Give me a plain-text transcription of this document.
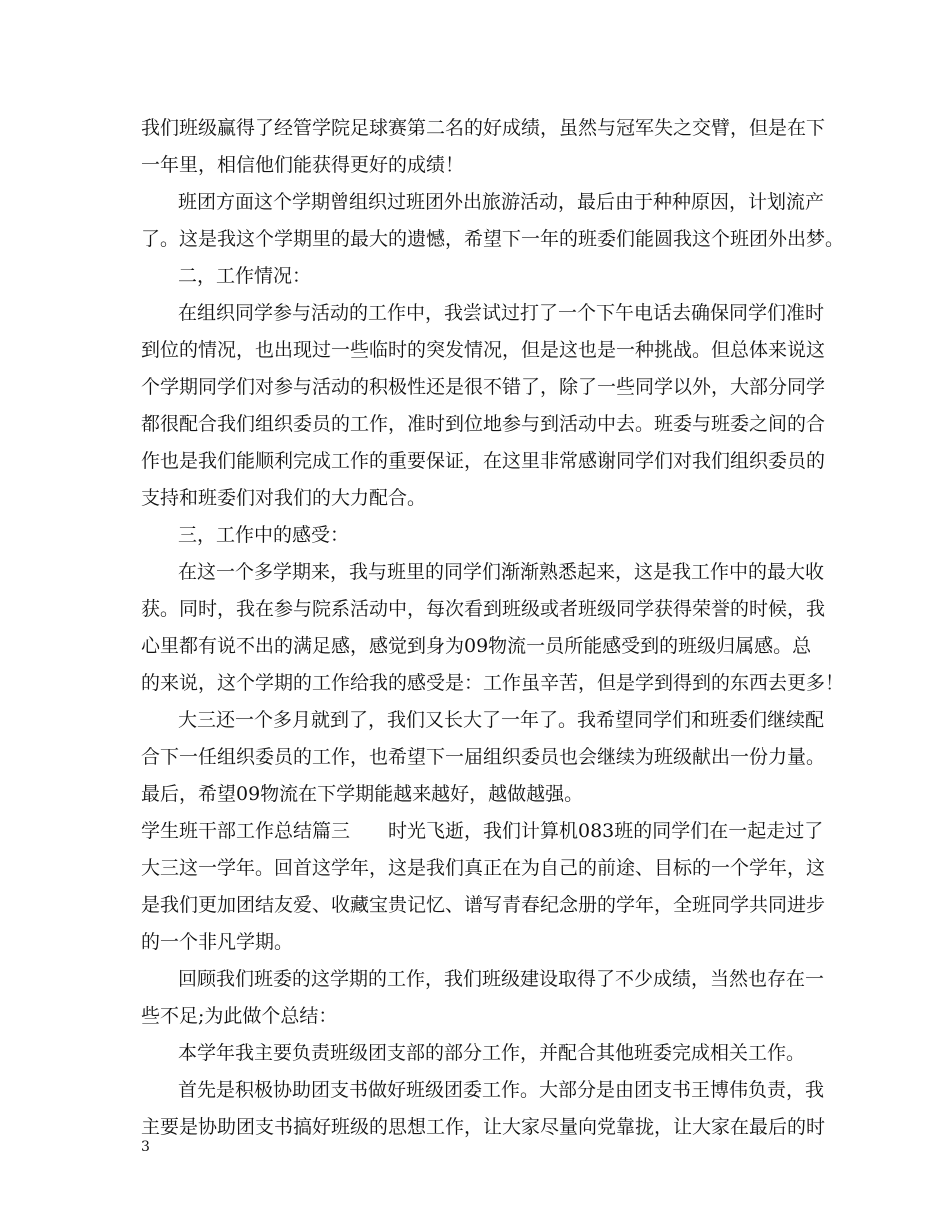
我们班级赢得了经管学院足球赛第二名的好成绩，虽然与冠军失之交臂，但是在下
一年里，相信他们能获得更好的成绩！
班团方面这个学期曾组织过班团外出旅游活动，最后由于种种原因，计划流产
了。这是我这个学期里的最大的遗憾，希望下一年的班委们能圆我这个班团外出梦。
二，工作情况：
在组织同学参与活动的工作中，我尝试过打了一个下午电话去确保同学们准时
到位的情况，也出现过一些临时的突发情况，但是这也是一种挑战。但总体来说这
个学期同学们对参与活动的积极性还是很不错了，除了一些同学以外，大部分同学
都很配合我们组织委员的工作，准时到位地参与到活动中去。班委与班委之间的合
作也是我们能顺利完成工作的重要保证，在这里非常感谢同学们对我们组织委员的
支持和班委们对我们的大力配合。
三，工作中的感受：
在这一个多学期来，我与班里的同学们渐渐熟悉起来，这是我工作中的最大收
获。同时，我在参与院系活动中，每次看到班级或者班级同学获得荣誉的时候，我
心里都有说不出的满足感，感觉到身为09物流一员所能感受到的班级归属感。总
的来说，这个学期的工作给我的感受是：工作虽辛苦，但是学到得到的东西去更多！
大三还一个多月就到了，我们又长大了一年了。我希望同学们和班委们继续配
合下一任组织委员的工作，也希望下一届组织委员也会继续为班级献出一份力量。
最后，希望09物流在下学期能越来越好，越做越强。
学生班干部工作总结篇三　　时光飞逝，我们计算机083班的同学们在一起走过了
大三这一学年。回首这学年，这是我们真正在为自己的前途、目标的一个学年，这
是我们更加团结友爱、收藏宝贵记忆、谱写青春纪念册的学年，全班同学共同进步
的一个非凡学期。
回顾我们班委的这学期的工作，我们班级建设取得了不少成绩，当然也存在一
些不足;为此做个总结：
本学年我主要负责班级团支部的部分工作，并配合其他班委完成相关工作。
首先是积极协助团支书做好班级团委工作。大部分是由团支书王博伟负责，我
主要是协助团支书搞好班级的思想工作，让大家尽量向党靠拢，让大家在最后的时
3
